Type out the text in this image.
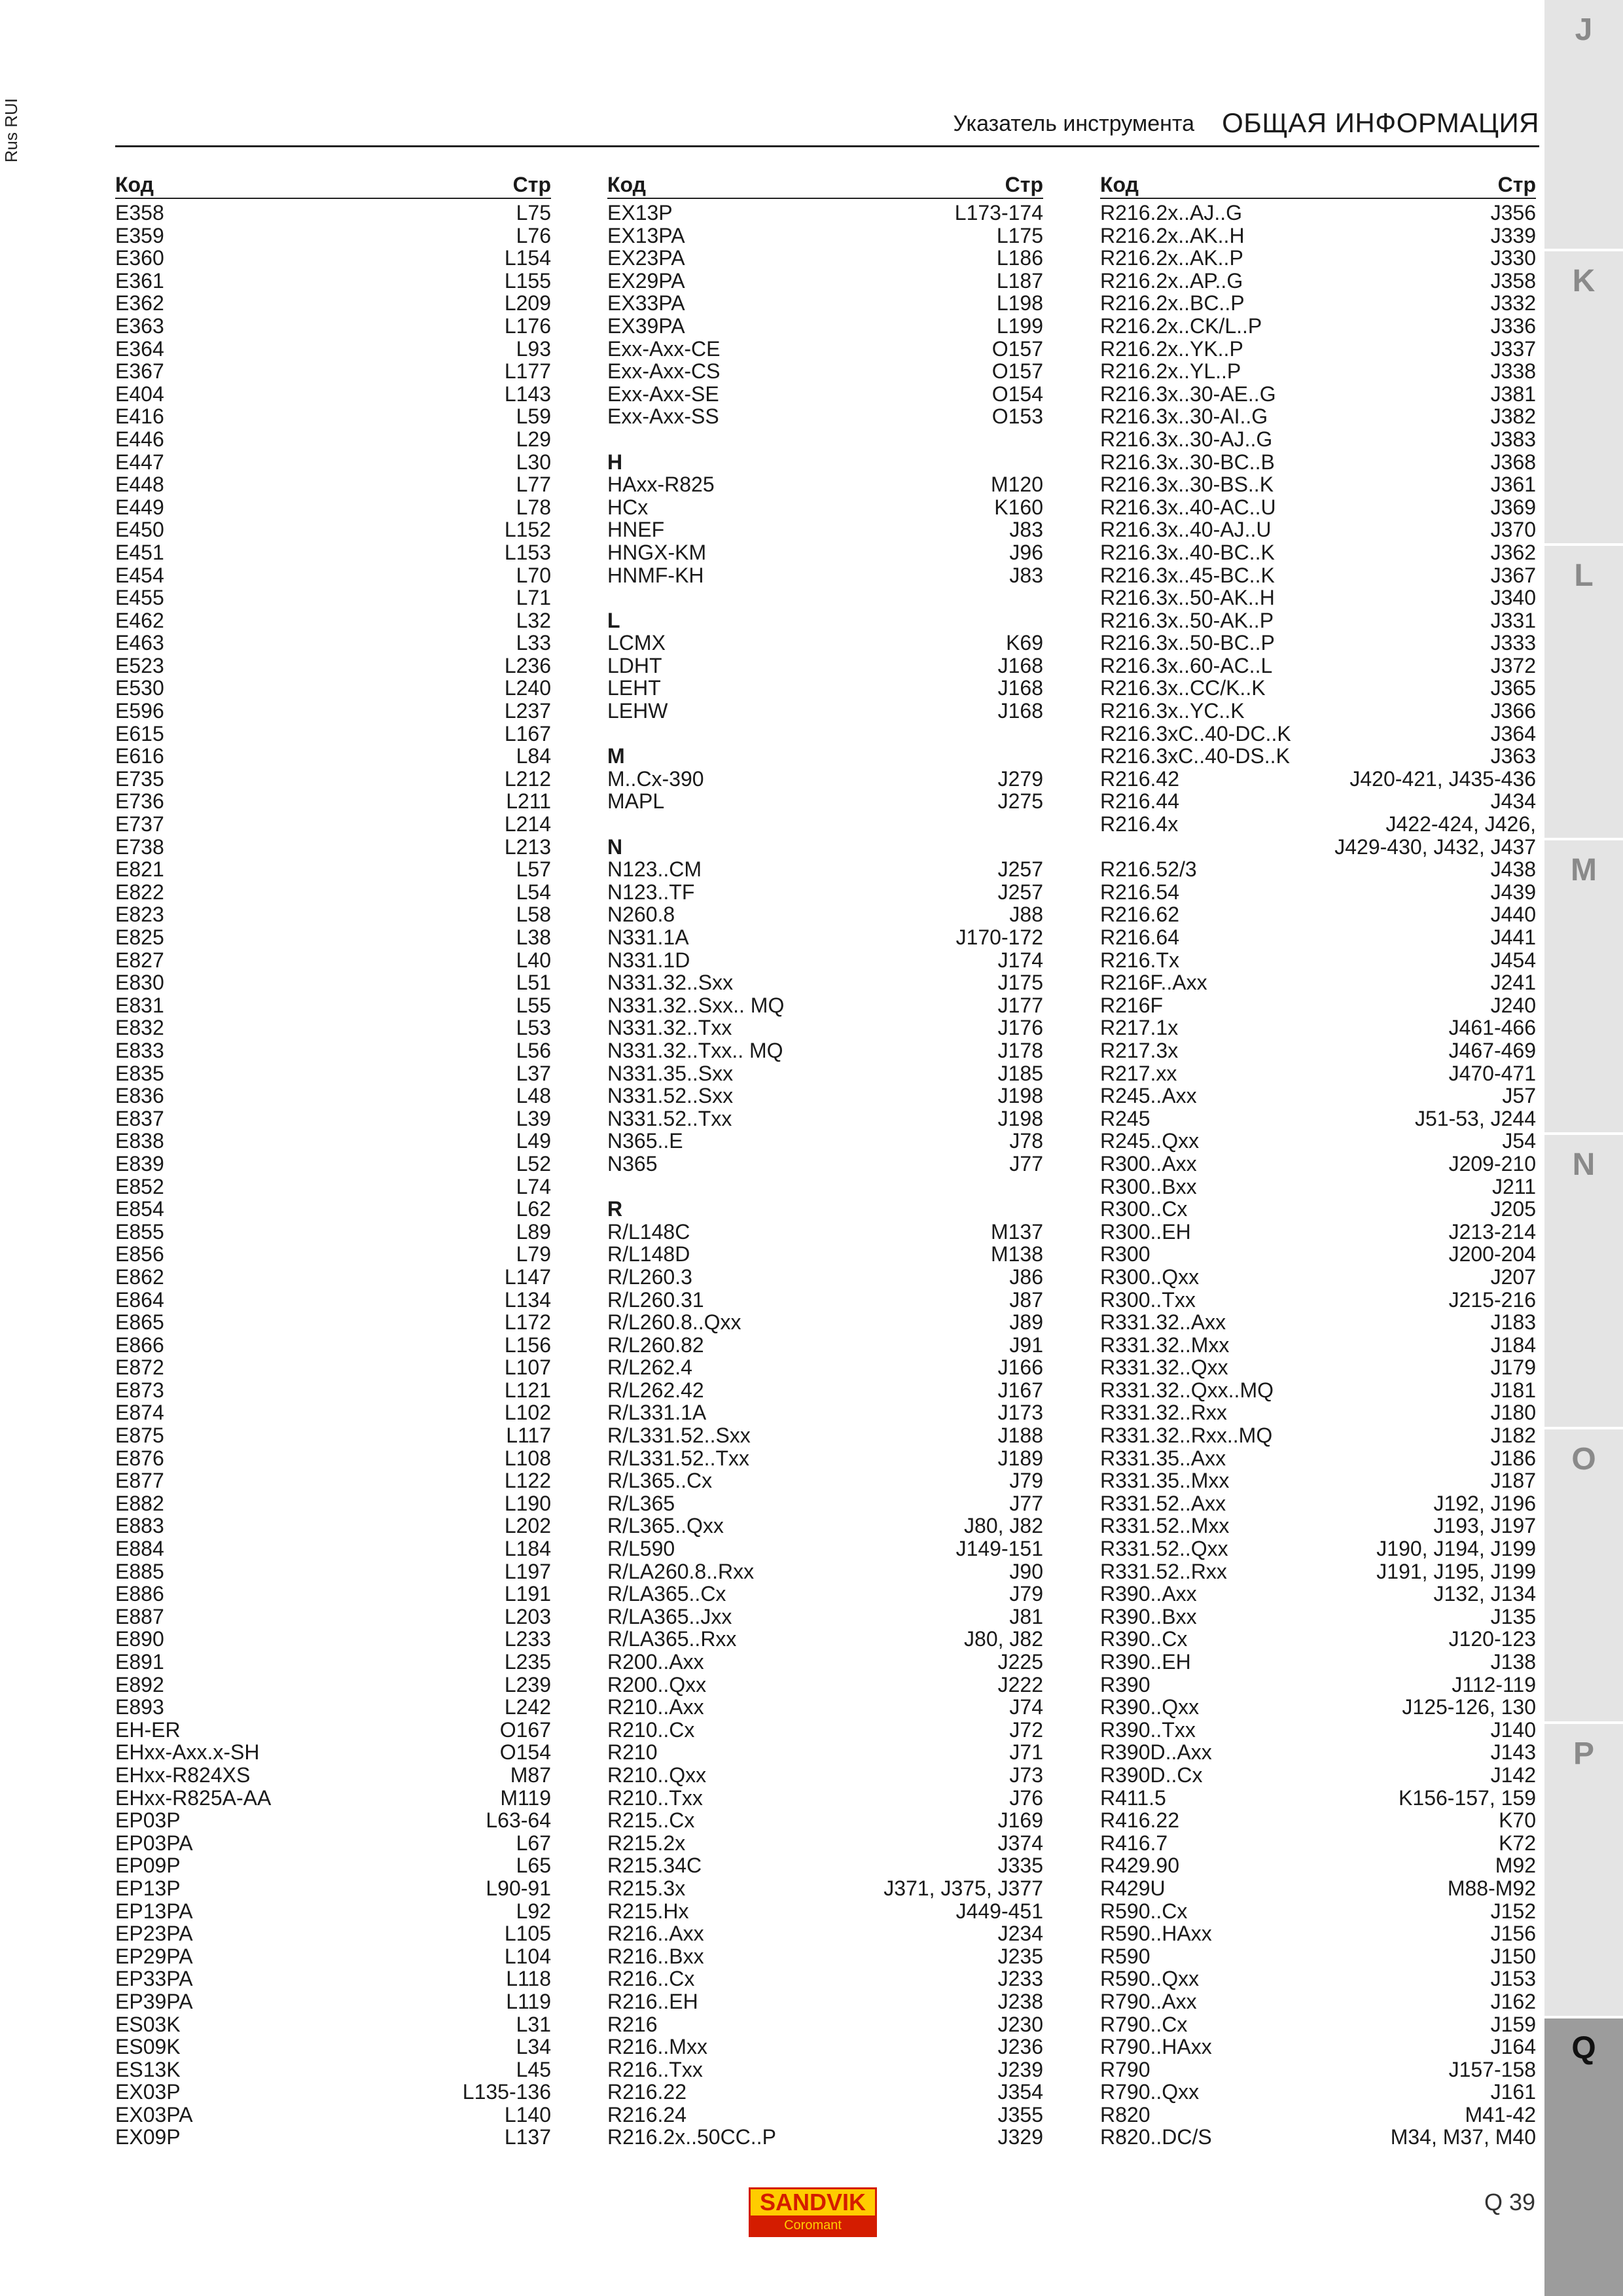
Rus RUI	Указатель инструмента ОБЩАЯ ИНФОРМАЦИЯ
Код	Стр
E358	L75
E359	L76
E360	L154
E361	L155
E362	L209
E363	L176
E364	L93
E367	L177
E404	L143
E416	L59
E446	L29
E447	L30
E448	L77
E449	L78
E450	L152
E451	L153
E454	L70
E455	L71
E462	L32
E463	L33
E523	L236
E530	L240
E596	L237
E615	L167
E616	L84
E735	L212
E736	L211
E737	L214
E738	L213
E821	L57
E822	L54
E823	L58
E825	L38
E827	L40
E830	L51
E831	L55
E832	L53
E833	L56
E835	L37
E836	L48
E837	L39
E838	L49
E839	L52
E852	L74
E854	L62
E855	L89
E856	L79
E862	L147
E864	L134
E865	L172
E866	L156
E872	L107
E873	L121
E874	L102
E875	L117
E876	L108
E877	L122
E882	L190
E883	L202
E884	L184
E885	L197
E886	L191
E887	L203
E890	L233
E891	L235
E892	L239
E893	L242
EH-ER	O167
EHxx-Axx.x-SH	O154
EHxx-R824XS	M87
EHxx-R825A-AA	M119
EP03P	L63-64
EP03PA	L67
EP09P	L65
EP13P	L90-91
EP13PA	L92
EP23PA	L105
EP29PA	L104
EP33PA	L118
EP39PA	L119
ES03K	L31
ES09K	L34
ES13K	L45
EX03P	L135-136
EX03PA	L140
EX09P	L137
Код	Стр
EX13P	L173-174
EX13PA	L175
EX23PA	L186
EX29PA	L187
EX33PA	L198
EX39PA	L199
Exx-Axx-CE	O157
Exx-Axx-CS	O157
Exx-Axx-SE	O154
Exx-Axx-SS	O153
H
HAxx-R825	M120
HCx	K160
HNEF	J83
HNGX-KM	J96
HNMF-KH	J83
L
LCMX	K69
LDHT	J168
LEHT	J168
LEHW	J168
M
M..Cx-390	J279
MAPL	J275
N
N123..CM	J257
N123..TF	J257
N260.8	J88
N331.1A	J170-172
N331.1D	J174
N331.32..Sxx	J175
N331.32..Sxx.. MQ	J177
N331.32..Txx	J176
N331.32..Txx.. MQ	J178
N331.35..Sxx	J185
N331.52..Sxx	J198
N331.52..Txx	J198
N365..E	J78
N365	J77
R
R/L148C	M137
R/L148D	M138
R/L260.3	J86
R/L260.31	J87
R/L260.8..Qxx	J89
R/L260.82	J91
R/L262.4	J166
R/L262.42	J167
R/L331.1A	J173
R/L331.52..Sxx	J188
R/L331.52..Txx	J189
R/L365..Cx	J79
R/L365	J77
R/L365..Qxx	J80, J82
R/L590	J149-151
R/LA260.8..Rxx	J90
R/LA365..Cx	J79
R/LA365..Jxx	J81
R/LA365..Rxx	J80, J82
R200..Axx	J225
R200..Qxx	J222
R210..Axx	J74
R210..Cx	J72
R210	J71
R210..Qxx	J73
R210..Txx	J76
R215..Cx	J169
R215.2x	J374
R215.34C	J335
R215.3x	J371, J375, J377
R215.Hx	J449-451
R216..Axx	J234
R216..Bxx	J235
R216..Cx	J233
R216..EH	J238
R216	J230
R216..Mxx	J236
R216..Txx	J239
R216.22	J354
R216.24	J355
R216.2x..50CC..P	J329
Код	Стр
R216.2x..AJ..G	J356
R216.2x..AK..H	J339
R216.2x..AK..P	J330
R216.2x..AP..G	J358
R216.2x..BC..P	J332
R216.2x..CK/L..P	J336
R216.2x..YK..P	J337
R216.2x..YL..P	J338
R216.3x..30-AE..G	J381
R216.3x..30-AI..G	J382
R216.3x..30-AJ..G	J383
R216.3x..30-BC..B	J368
R216.3x..30-BS..K	J361
R216.3x..40-AC..U	J369
R216.3x..40-AJ..U	J370
R216.3x..40-BC..K	J362
R216.3x..45-BC..K	J367
R216.3x..50-AK..H	J340
R216.3x..50-AK..P	J331
R216.3x..50-BC..P	J333
R216.3x..60-AC..L	J372
R216.3x..CC/K..K	J365
R216.3x..YC..K	J366
R216.3xC..40-DC..K	J364
R216.3xC..40-DS..K	J363
R216.42	J420-421, J435-436
R216.44	J434
R216.4x	J422-424, J426,
J429-430, J432, J437
R216.52/3	J438
R216.54	J439
R216.62	J440
R216.64	J441
R216.Tx	J454
R216F..Axx	J241
R216F	J240
R217.1x	J461-466
R217.3x	J467-469
R217.xx	J470-471
R245..Axx	J57
R245	J51-53, J244
R245..Qxx	J54
R300..Axx	J209-210
R300..Bxx	J211
R300..Cx	J205
R300..EH	J213-214
R300	J200-204
R300..Qxx	J207
R300..Txx	J215-216
R331.32..Axx	J183
R331.32..Mxx	J184
R331.32..Qxx	J179
R331.32..Qxx..MQ	J181
R331.32..Rxx	J180
R331.32..Rxx..MQ	J182
R331.35..Axx	J186
R331.35..Mxx	J187
R331.52..Axx	J192, J196
R331.52..Mxx	J193, J197
R331.52..Qxx	J190, J194, J199
R331.52..Rxx	J191, J195, J199
R390..Axx	J132, J134
R390..Bxx	J135
R390..Cx	J120-123
R390..EH	J138
R390	J112-119
R390..Qxx	J125-126, 130
R390..Txx	J140
R390D..Axx	J143
R390D..Cx	J142
R411.5	K156-157, 159
R416.22	K70
R416.7	K72
R429.90	M92
R429U	M88-M92
R590..Cx	J152
R590..HAxx	J156
R590	J150
R590..Qxx	J153
R790..Axx	J162
R790..Cx	J159
R790..HAxx	J164
R790	J157-158
R790..Qxx	J161
R820	M41-42
R820..DC/S	M34, M37, M40
J
K
L
M
N
O
P
Q
SANDVIK
Coromant
Q 39
